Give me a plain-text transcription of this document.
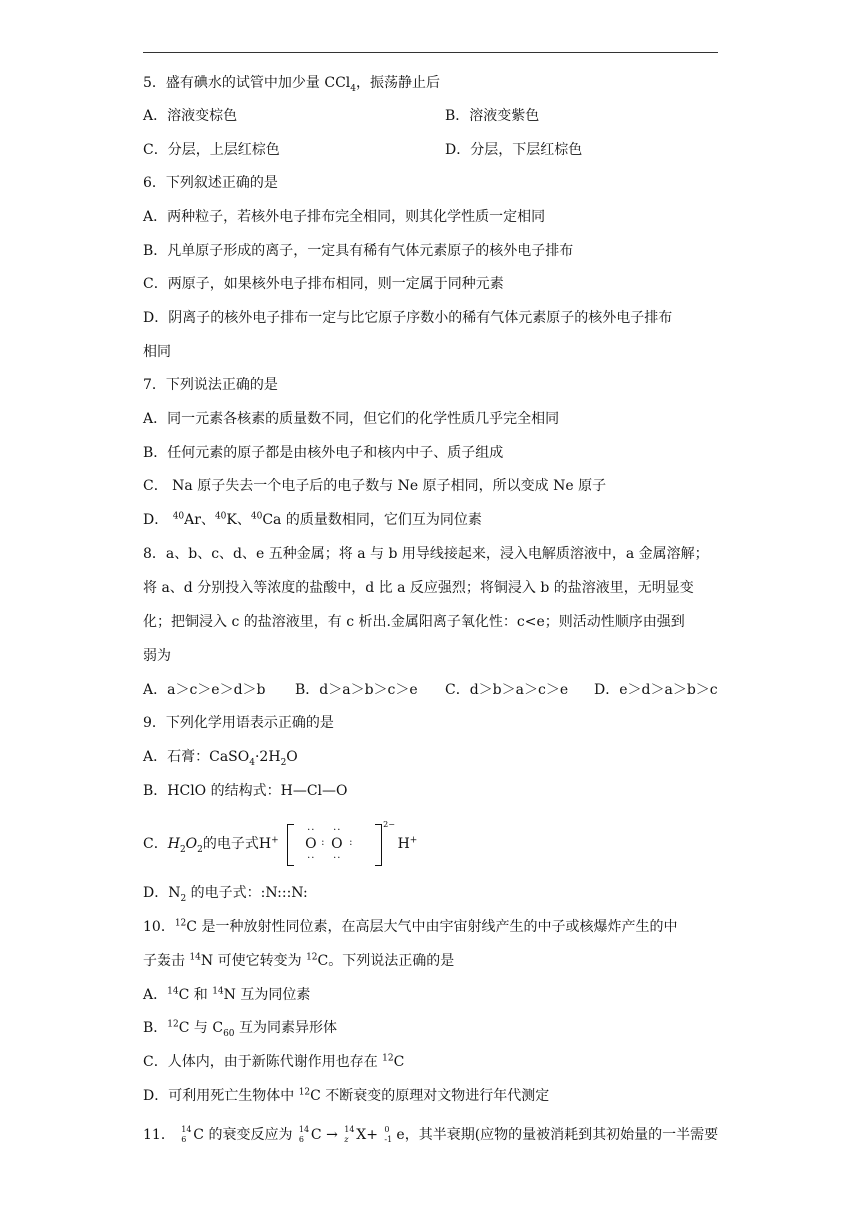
5．盛有碘水的试管中加少量 CCl$_4$，振荡静止后
A．溶液变棕色	B．溶液变紫色
C．分层，上层红棕色	D．分层，下层红棕色
6．下列叙述正确的是
A．两种粒子，若核外电子排布完全相同，则其化学性质一定相同
B．凡单原子形成的离子，一定具有稀有气体元素原子的核外电子排布
C．两原子，如果核外电子排布相同，则一定属于同种元素
D．阴离子的核外电子排布一定与比它原子序数小的稀有气体元素原子的核外电子排布
相同
7．下列说法正确的是
A．同一元素各核素的质量数不同，但它们的化学性质几乎完全相同
B．任何元素的原子都是由核外电子和核内中子、质子组成
C． Na 原子失去一个电子后的电子数与 Ne 原子相同，所以变成 Ne 原子
D． $^{40}$Ar、$^{40}$K、$^{40}$Ca 的质量数相同，它们互为同位素
8．a、b、c、d、e 五种金属；将 a 与 b 用导线接起来，浸入电解质溶液中，a 金属溶解；
将 a、d 分别投入等浓度的盐酸中，d 比 a 反应强烈；将铜浸入 b 的盐溶液里，无明显变
化；把铜浸入 c 的盐溶液里，有 c 析出.金属阳离子氧化性：c<e；则活动性顺序由强到
弱为
A．a＞c＞e＞d＞b B．d＞a＞b＞c＞e C．d＞b＞a＞c＞e D．e＞d＞a＞b＞c
9．下列化学用语表示正确的是
A．石膏：$CaSO_4\cdot 2H_2O$
B．HClO 的结构式：H—Cl—O
C．$H_2O_2$的电子式H+
··
O
··
:
··
O
··
:
2−
H+
D．$N_2$ 的电子式：:N:::N:
10．$^{12}$C 是一种放射性同位素，在高层大气中由宇宙射线产生的中子或核爆炸产生的中
子轰击 $^{14}$N 可使它转变为 $^{12}$C。下列说法正确的是
A．$^{14}$C 和 $^{14}$N 互为同位素
B．$^{12}$C 与 $C_{60}$ 互为同素异形体
C．人体内，由于新陈代谢作用也存在 $^{12}$C
D．可利用死亡生物体中 $^{12}$C 不断衰变的原理对文物进行年代测定
11． 14
6 C 的衰变反应为 14
6 C → 14
z X+ 0
-1 e，其半衰期(应物的量被消耗到其初始量的一半需要
